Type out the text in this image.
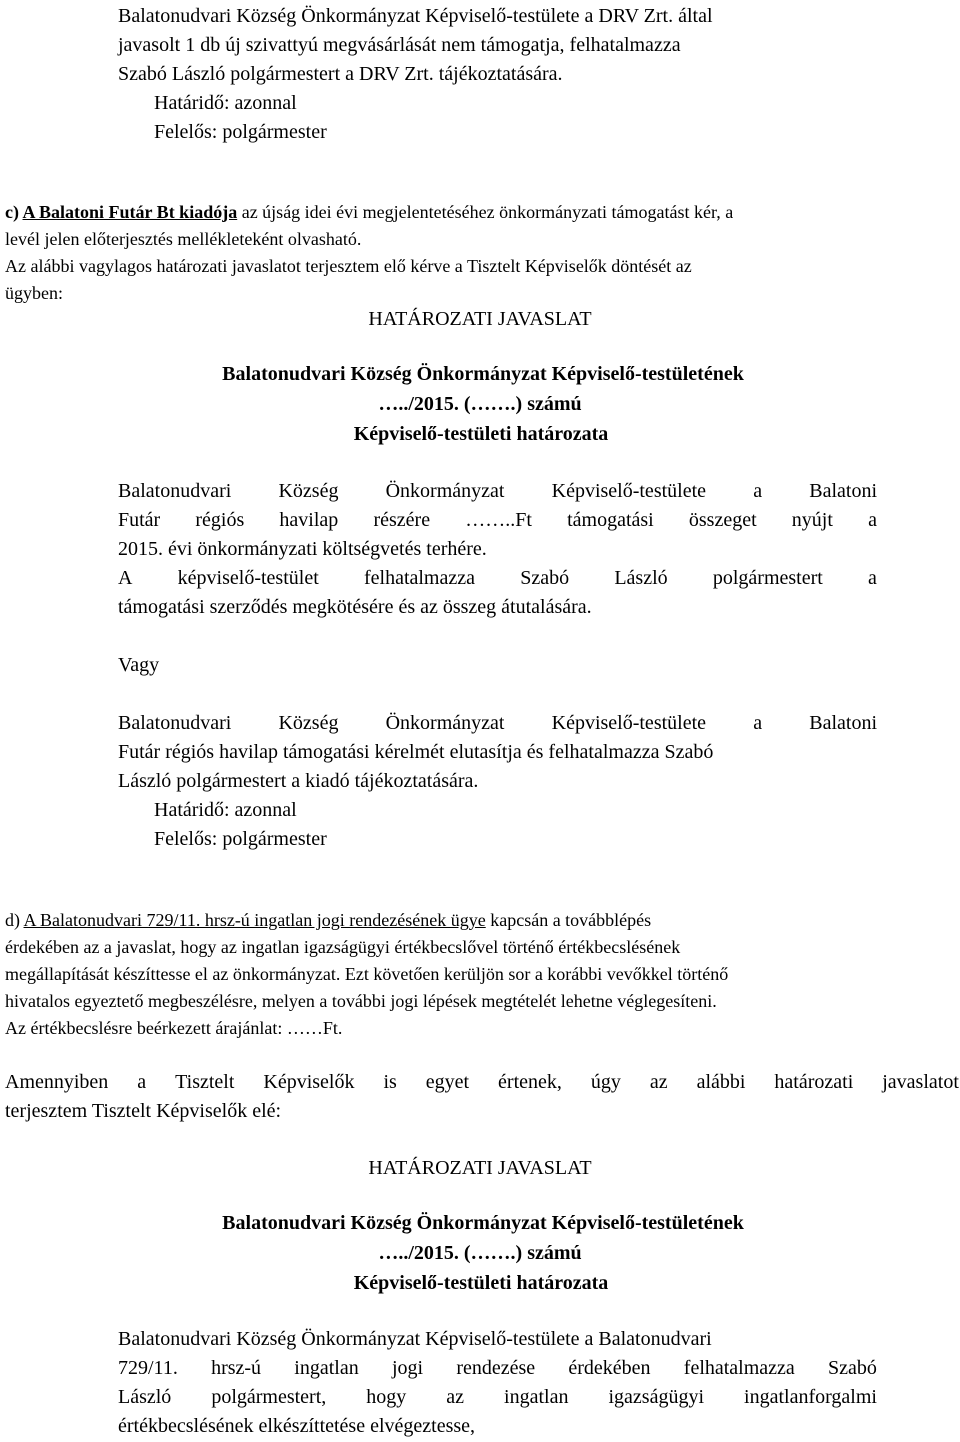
Balatonudvari Község Önkormányzat Képviselő-testülete a DRV Zrt. által
javasolt 1 db új szivattyú megvásárlását nem támogatja, felhatalmazza
Szabó László polgármestert a DRV Zrt. tájékoztatására.
Határidő: azonnal
Felelős: polgármester
c) A Balatoni Futár Bt kiadója az újság idei évi megjelentetéséhez önkormányzati támogatást kér, a
levél jelen előterjesztés mellékleteként olvasható.
Az alábbi vagylagos határozati javaslatot terjesztem elő kérve a Tisztelt Képviselők döntését az
ügyben:
HATÁROZATI JAVASLAT
Balatonudvari Község Önkormányzat Képviselő-testületének
…../2015. (…….) számú
Képviselő-testületi határozata
Balatonudvari Község Önkormányzat Képviselő-testülete a Balatoni
Futár régiós havilap részére ……..Ft támogatási összeget nyújt a
2015. évi önkormányzati költségvetés terhére.
A képviselő-testület felhatalmazza Szabó László polgármestert a
támogatási szerződés megkötésére és az összeg átutalására.
Vagy
Balatonudvari Község Önkormányzat Képviselő-testülete a Balatoni
Futár régiós havilap támogatási kérelmét elutasítja és felhatalmazza Szabó
László polgármestert a kiadó tájékoztatására.
Határidő: azonnal
Felelős: polgármester
d) A Balatonudvari 729/11. hrsz-ú ingatlan jogi rendezésének ügye kapcsán a továbblépés
érdekében az a javaslat, hogy az ingatlan igazságügyi értékbecslővel történő értékbecslésének
megállapítását készíttesse el az önkormányzat. Ezt követően kerüljön sor a korábbi vevőkkel történő
hivatalos egyeztető megbeszélésre, melyen a további jogi lépések megtételét lehetne véglegesíteni.
Az értékbecslésre beérkezett árajánlat: ……Ft.
Amennyiben a Tisztelt Képviselők is egyet értenek, úgy az alábbi határozati javaslatot
terjesztem Tisztelt Képviselők elé:
HATÁROZATI JAVASLAT
Balatonudvari Község Önkormányzat Képviselő-testületének
…../2015. (…….) számú
Képviselő-testületi határozata
Balatonudvari Község Önkormányzat Képviselő-testülete a Balatonudvari
729/11. hrsz-ú ingatlan jogi rendezése érdekében felhatalmazza Szabó
László polgármestert, hogy az ingatlan igazságügyi ingatlanforgalmi
értékbecslésének elkészíttetése elvégeztesse,
